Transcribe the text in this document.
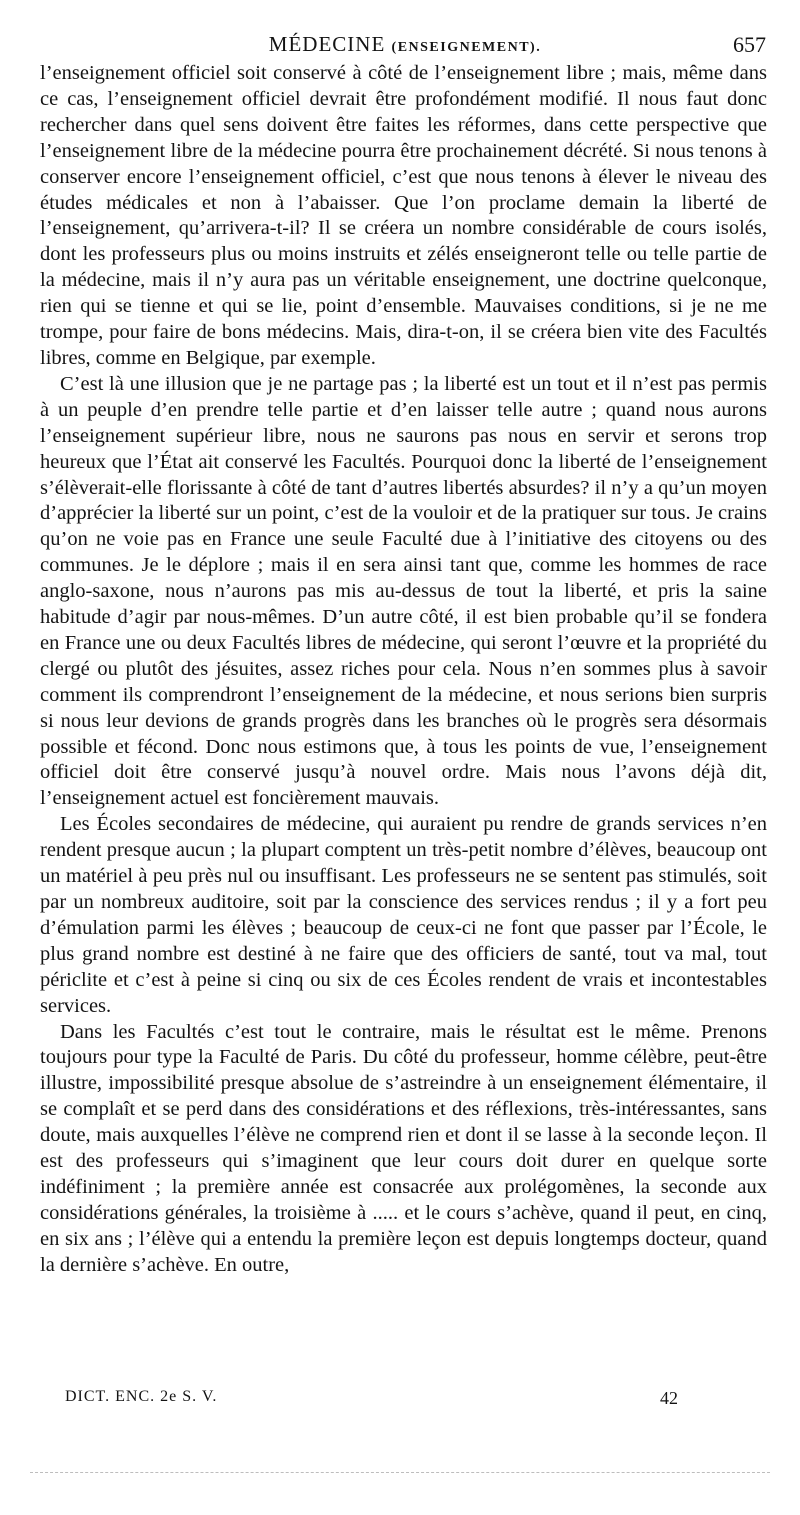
MÉDECINE (ENSEIGNEMENT).	657

l’enseignement officiel soit conservé à côté de l’enseignement libre ; mais, même dans ce cas, l’enseignement officiel devrait être profondément modifié. Il nous faut donc rechercher dans quel sens doivent être faites les réformes, dans cette perspective que l’enseignement libre de la médecine pourra être prochainement décrété. Si nous tenons à conserver encore l’enseignement officiel, c’est que nous tenons à élever le niveau des études médicales et non à l’abaisser. Que l’on proclame demain la liberté de l’enseignement, qu’arrivera-t-il? Il se créera un nombre considérable de cours isolés, dont les professeurs plus ou moins instruits et zélés enseigneront telle ou telle partie de la médecine, mais il n’y aura pas un véritable enseignement, une doctrine quelconque, rien qui se tienne et qui se lie, point d’ensemble. Mauvaises conditions, si je ne me trompe, pour faire de bons médecins. Mais, dira-t-on, il se créera bien vite des Facultés libres, comme en Belgique, par exemple.

C’est là une illusion que je ne partage pas ; la liberté est un tout et il n’est pas permis à un peuple d’en prendre telle partie et d’en laisser telle autre ; quand nous aurons l’enseignement supérieur libre, nous ne saurons pas nous en servir et serons trop heureux que l’État ait conservé les Facultés. Pourquoi donc la liberté de l’enseignement s’élèverait-elle florissante à côté de tant d’autres libertés absurdes? il n’y a qu’un moyen d’apprécier la liberté sur un point, c’est de la vouloir et de la pratiquer sur tous. Je crains qu’on ne voie pas en France une seule Faculté due à l’initiative des citoyens ou des communes. Je le déplore ; mais il en sera ainsi tant que, comme les hommes de race anglo-saxone, nous n’aurons pas mis au-dessus de tout la liberté, et pris la saine habitude d’agir par nous-mêmes. D’un autre côté, il est bien probable qu’il se fondera en France une ou deux Facultés libres de médecine, qui seront l’œuvre et la propriété du clergé ou plutôt des jésuites, assez riches pour cela. Nous n’en sommes plus à savoir comment ils comprendront l’enseignement de la médecine, et nous serions bien surpris si nous leur devions de grands progrès dans les branches où le progrès sera désormais possible et fécond. Donc nous estimons que, à tous les points de vue, l’enseignement officiel doit être conservé jusqu’à nouvel ordre. Mais nous l’avons déjà dit, l’enseignement actuel est foncièrement mauvais.

Les Écoles secondaires de médecine, qui auraient pu rendre de grands services n’en rendent presque aucun ; la plupart comptent un très-petit nombre d’élèves, beaucoup ont un matériel à peu près nul ou insuffisant. Les professeurs ne se sentent pas stimulés, soit par un nombreux auditoire, soit par la conscience des services rendus ; il y a fort peu d’émulation parmi les élèves ; beaucoup de ceux-ci ne font que passer par l’École, le plus grand nombre est destiné à ne faire que des officiers de santé, tout va mal, tout périclite et c’est à peine si cinq ou six de ces Écoles rendent de vrais et incontestables services.

Dans les Facultés c’est tout le contraire, mais le résultat est le même. Prenons toujours pour type la Faculté de Paris. Du côté du professeur, homme célèbre, peut-être illustre, impossibilité presque absolue de s’astreindre à un enseignement élémentaire, il se complaît et se perd dans des considérations et des réflexions, très-intéressantes, sans doute, mais auxquelles l’élève ne comprend rien et dont il se lasse à la seconde leçon. Il est des professeurs qui s’imaginent que leur cours doit durer en quelque sorte indéfiniment ; la première année est consacrée aux prolégomènes, la seconde aux considérations générales, la troisième à ..... et le cours s’achève, quand il peut, en cinq, en six ans ; l’élève qui a entendu la première leçon est depuis longtemps docteur, quand la dernière s’achève. En outre,

DICT. ENC. 2e S. V.	42
